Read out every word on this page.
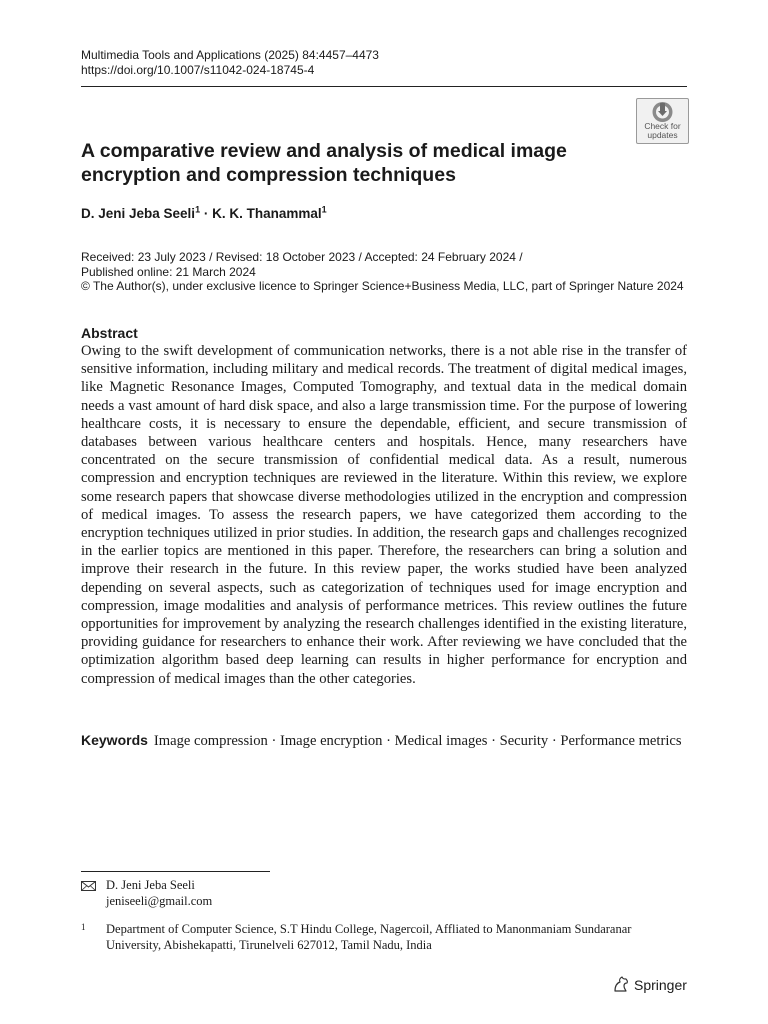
Multimedia Tools and Applications (2025) 84:4457–4473
https://doi.org/10.1007/s11042-024-18745-4
Check for
updates
A comparative review and analysis of medical image encryption and compression techniques
D. Jeni Jeba Seeli$^1$ · K. K. Thanammal$^1$
Received: 23 July 2023 / Revised: 18 October 2023 / Accepted: 24 February 2024 /
Published online: 21 March 2024
© The Author(s), under exclusive licence to Springer Science+Business Media, LLC, part of Springer Nature 2024
Abstract

Owing to the swift development of communication networks, there is a not able rise in the transfer of sensitive information, including military and medical records. The treatment of digital medical images, like Magnetic Resonance Images, Computed Tomography, and textual data in the medical domain needs a vast amount of hard disk space, and also a large transmission time. For the purpose of lowering healthcare costs, it is necessary to ensure the dependable, efficient, and secure transmission of databases between various healthcare centers and hospitals. Hence, many researchers have concentrated on the secure transmission of confidential medical data. As a result, numerous compression and encryption techniques are reviewed in the literature. Within this review, we explore some research papers that showcase diverse methodologies utilized in the encryption and compression of medical images. To assess the research papers, we have categorized them according to the encryption techniques utilized in prior studies. In addition, the research gaps and challenges recognized in the earlier topics are mentioned in this paper. Therefore, the researchers can bring a solution and improve their research in the future. In this review paper, the works studied have been analyzed depending on several aspects, such as categorization of techniques used for image encryption and compression, image modalities and analysis of performance metrices. This review outlines the future opportunities for improvement by analyzing the research challenges identified in the existing literature, providing guidance for researchers to enhance their work. After reviewing we have concluded that the optimization algorithm based deep learning can results in higher performance for encryption and compression of medical images than the other categories.

Keywords Image compression · Image encryption · Medical images · Security · Performance metrics
D. Jeni Jeba Seeli
jeniseeli@gmail.com
1 Department of Computer Science, S.T Hindu College, Nagercoil, Affliated to Manonmaniam Sundaranar University, Abishekapatti, Tirunelveli 627012, Tamil Nadu, India
Springer
